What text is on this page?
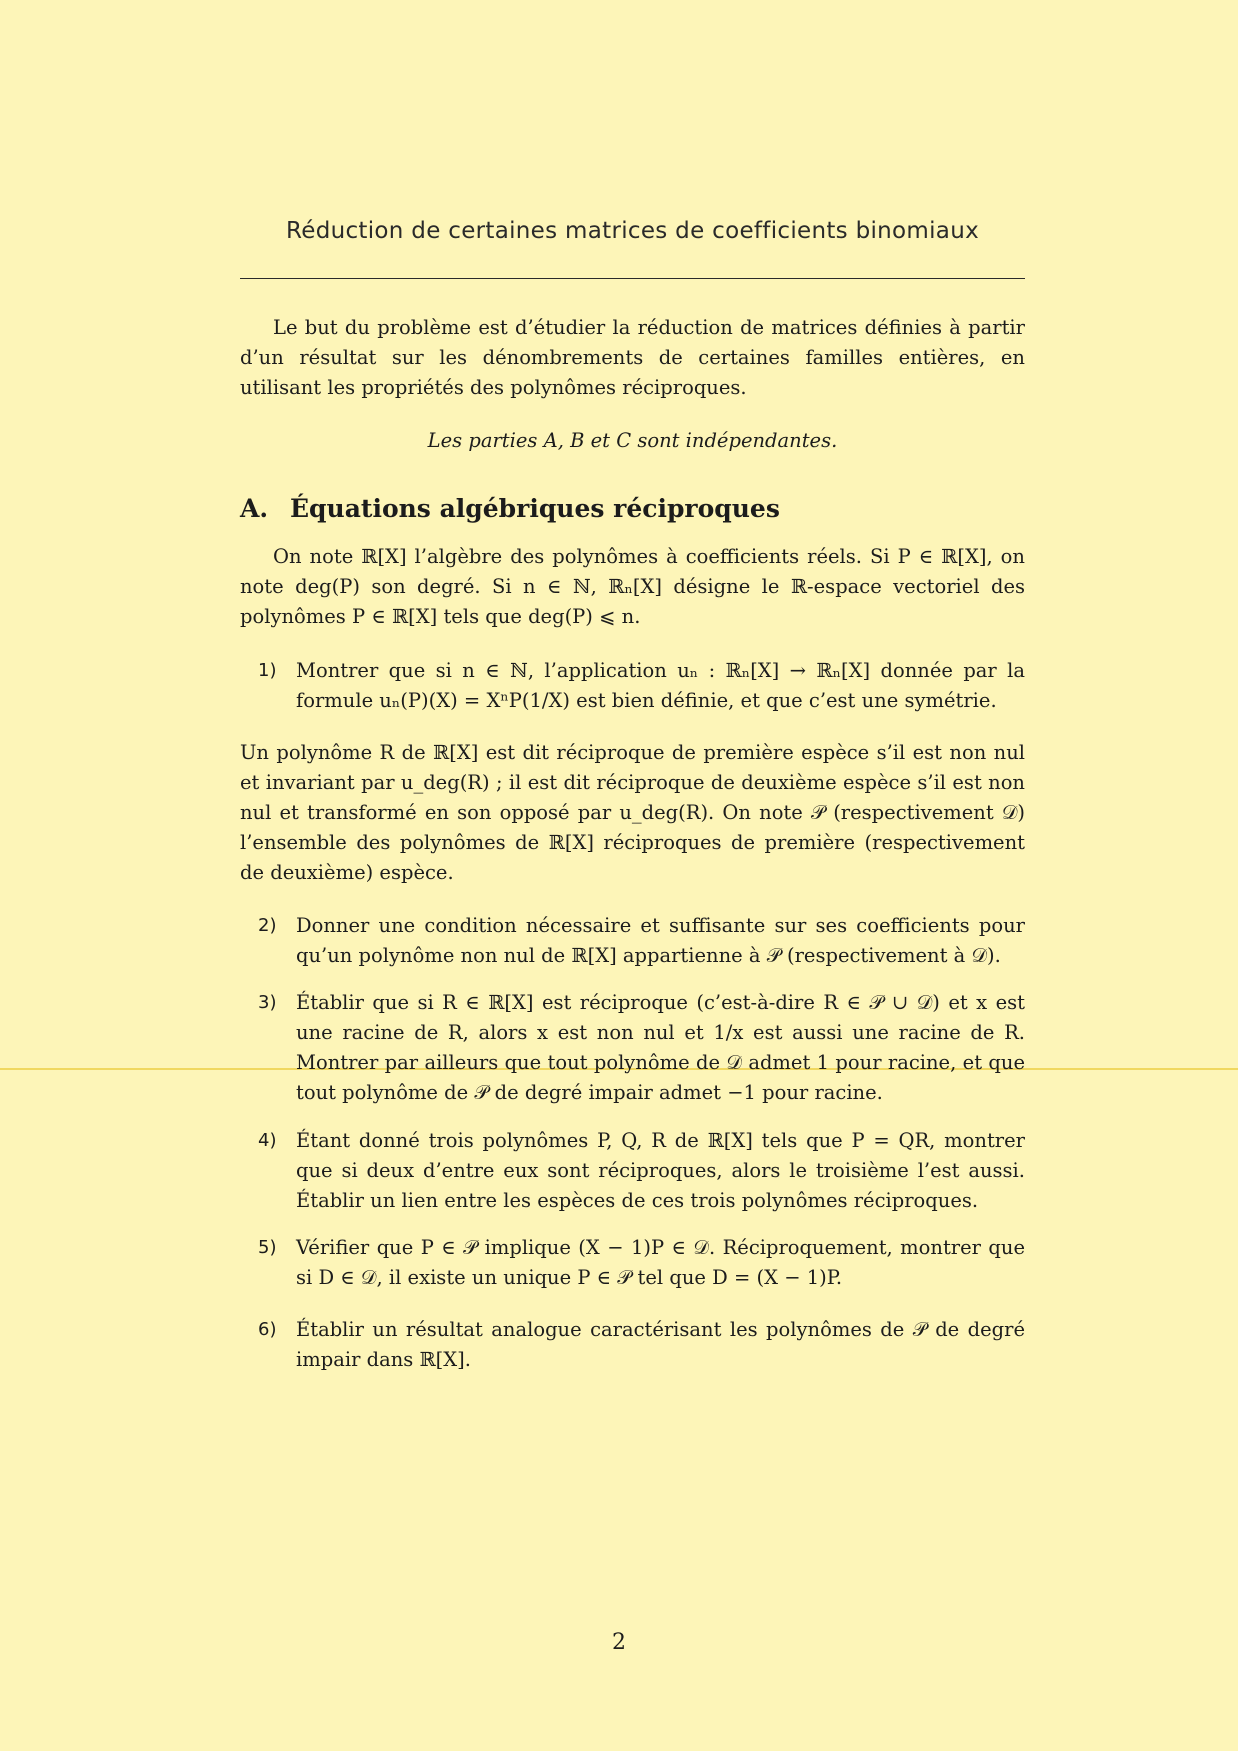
Réduction de certaines matrices de coefficients binomiaux

Le but du problème est d’étudier la réduction de matrices définies à partir d’un résultat sur les dénombrements de certaines familles entières, en utilisant les propriétés des polynômes réciproques.

Les parties A, B et C sont indépendantes.
A. Équations algébriques réciproques

On note ℝ[X] l’algèbre des polynômes à coefficients réels. Si P ∈ ℝ[X], on note deg(P) son degré. Si n ∈ ℕ, ℝₙ[X] désigne le ℝ-espace vectoriel des polynômes P ∈ ℝ[X] tels que deg(P) ⩽ n.

1)	Montrer que si n ∈ ℕ, l’application uₙ : ℝₙ[X] → ℝₙ[X] donnée par la formule uₙ(P)(X) = XⁿP(1/X) est bien définie, et que c’est une symétrie.

Un polynôme R de ℝ[X] est dit réciproque de première espèce s’il est non nul et invariant par u_deg(R) ; il est dit réciproque de deuxième espèce s’il est non nul et transformé en son opposé par u_deg(R). On note 𝒫 (respectivement 𝒟) l’ensemble des polynômes de ℝ[X] réciproques de première (respectivement de deuxième) espèce.

2)	Donner une condition nécessaire et suffisante sur ses coefficients pour qu’un polynôme non nul de ℝ[X] appartienne à 𝒫 (respectivement à 𝒟).

3)	Établir que si R ∈ ℝ[X] est réciproque (c’est-à-dire R ∈ 𝒫 ∪ 𝒟) et x est une racine de R, alors x est non nul et 1/x est aussi une racine de R. Montrer par ailleurs que tout polynôme de 𝒟 admet 1 pour racine, et que tout polynôme de 𝒫 de degré impair admet −1 pour racine.

4)	Étant donné trois polynômes P, Q, R de ℝ[X] tels que P = QR, montrer que si deux d’entre eux sont réciproques, alors le troisième l’est aussi. Établir un lien entre les espèces de ces trois polynômes réciproques.

5)	Vérifier que P ∈ 𝒫 implique (X − 1)P ∈ 𝒟. Réciproquement, montrer que si D ∈ 𝒟, il existe un unique P ∈ 𝒫 tel que D = (X − 1)P.

6)	Établir un résultat analogue caractérisant les polynômes de 𝒫 de degré impair dans ℝ[X].

2
